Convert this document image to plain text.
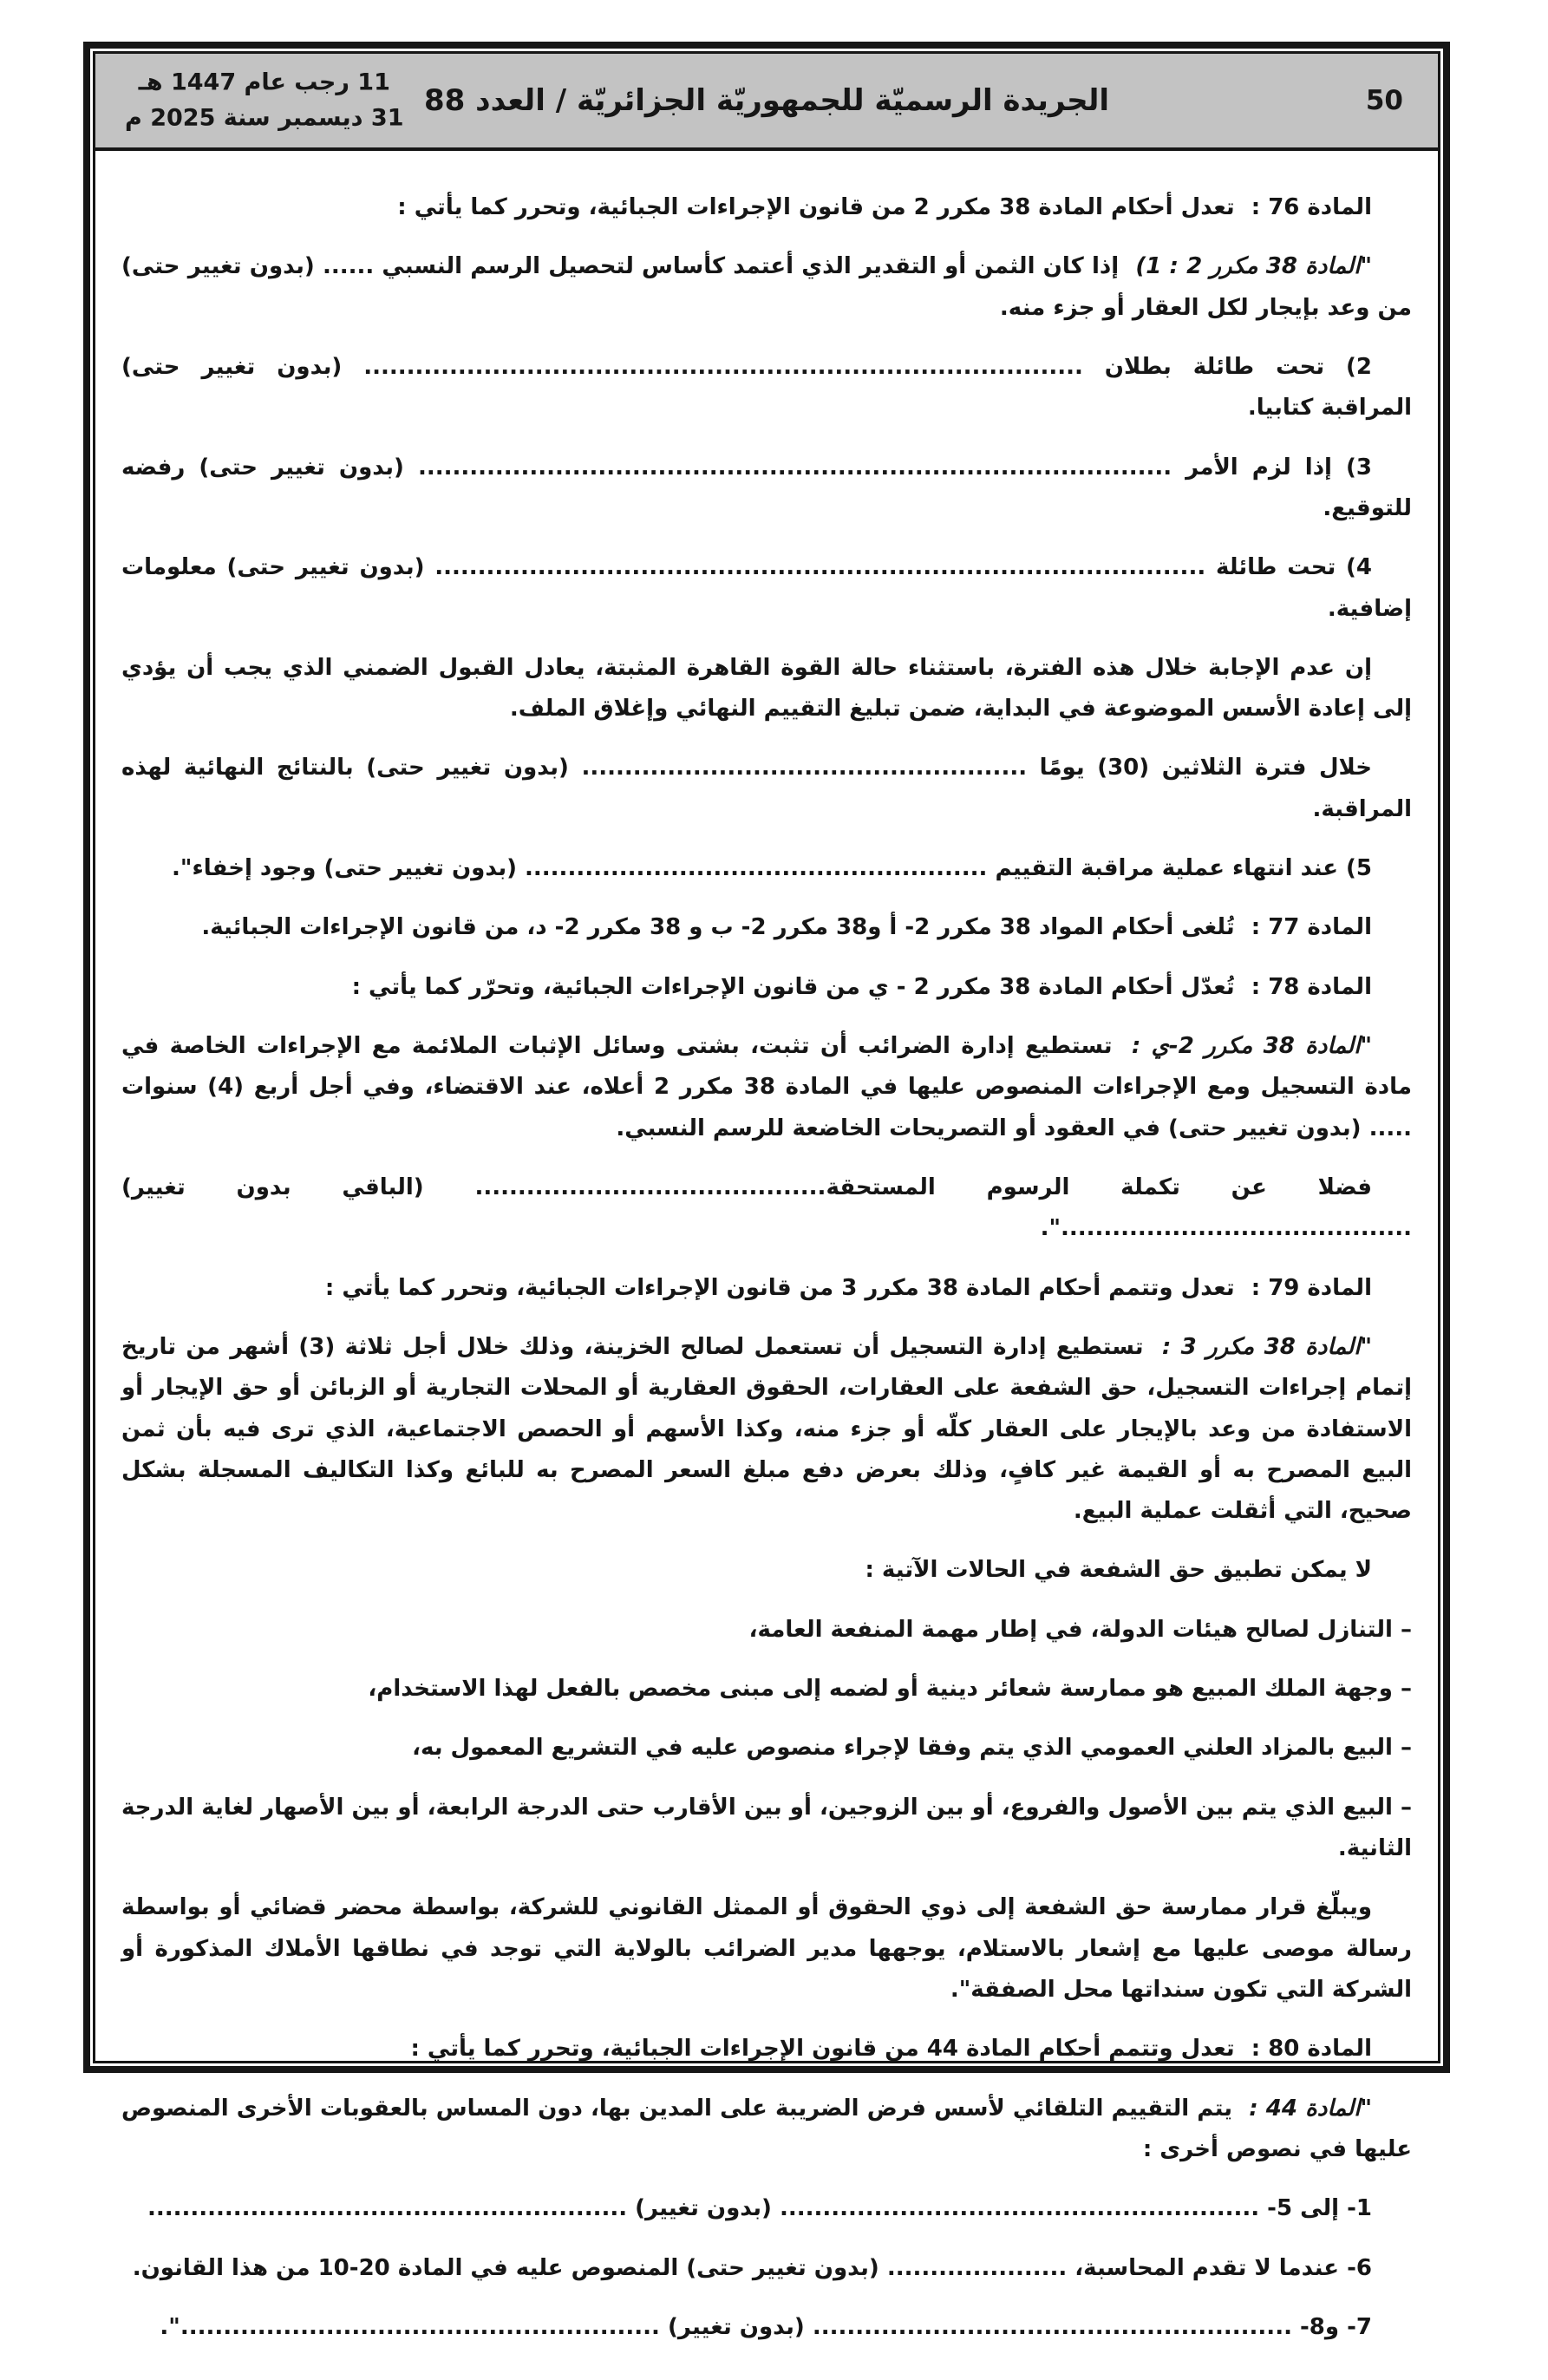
11 رجب عام 1447 هـ
31 ديسمبر سنة 2025 م الجريدة الرسميّة للجمهوريّة الجزائريّة / العدد 88	50

المادة 76 : تعدل أحكام المادة 38 مكرر 2 من قانون الإجراءات الجبائية، وتحرر كما يأتي :

"المادة 38 مكرر 2 : 1) إذا كان الثمن أو التقدير الذي أعتمد كأساس لتحصيل الرسم النسبي ...... (بدون تغيير حتى) من وعد بإيجار لكل العقار أو جزء منه.

2) تحت طائلة بطلان .................................................................................... (بدون تغيير حتى) المراقبة كتابيا.

3) إذا لزم الأمر ........................................................................................ (بدون تغيير حتى) رفضه للتوقيع.

4) تحت طائلة .......................................................................................... (بدون تغيير حتى) معلومات إضافية.

إن عدم الإجابة خلال هذه الفترة، باستثناء حالة القوة القاهرة المثبتة، يعادل القبول الضمني الذي يجب أن يؤدي إلى إعادة الأسس الموضوعة في البداية، ضمن تبليغ التقييم النهائي وإغلاق الملف.

خلال فترة الثلاثين (30) يومًا .................................................... (بدون تغيير حتى) بالنتائج النهائية لهذه المراقبة.

5) عند انتهاء عملية مراقبة التقييم ...................................................... (بدون تغيير حتى) وجود إخفاء".

المادة 77 : تُلغى أحكام المواد 38 مكرر 2- أ و38 مكرر 2- ب و 38 مكرر 2- د، من قانون الإجراءات الجبائية.

المادة 78 : تُعدّل أحكام المادة 38 مكرر 2 - ي من قانون الإجراءات الجبائية، وتحرّر كما يأتي :

"المادة 38 مكرر 2-ي : تستطيع إدارة الضرائب أن تثبت، بشتى وسائل الإثبات الملائمة مع الإجراءات الخاصة في مادة التسجيل ومع الإجراءات المنصوص عليها في المادة 38 مكرر 2 أعلاه، عند الاقتضاء، وفي أجل أربع (4) سنوات ..... (بدون تغيير حتى) في العقود أو التصريحات الخاضعة للرسم النسبي.

فضلا عن تكملة الرسوم المستحقة......................................... (الباقي بدون تغيير) .........................................".

المادة 79 : تعدل وتتمم أحكام المادة 38 مكرر 3 من قانون الإجراءات الجبائية، وتحرر كما يأتي :

"المادة 38 مكرر 3 : تستطيع إدارة التسجيل أن تستعمل لصالح الخزينة، وذلك خلال أجل ثلاثة (3) أشهر من تاريخ إتمام إجراءات التسجيل، حق الشفعة على العقارات، الحقوق العقارية أو المحلات التجارية أو الزبائن أو حق الإيجار أو الاستفادة من وعد بالإيجار على العقار كلّه أو جزء منه، وكذا الأسهم أو الحصص الاجتماعية، الذي ترى فيه بأن ثمن البيع المصرح به أو القيمة غير كافٍ، وذلك بعرض دفع مبلغ السعر المصرح به للبائع وكذا التكاليف المسجلة بشكل صحيح، التي أثقلت عملية البيع.

لا يمكن تطبيق حق الشفعة في الحالات الآتية :

– التنازل لصالح هيئات الدولة، في إطار مهمة المنفعة العامة،

– وجهة الملك المبيع هو ممارسة شعائر دينية أو لضمه إلى مبنى مخصص بالفعل لهذا الاستخدام،

– البيع بالمزاد العلني العمومي الذي يتم وفقا لإجراء منصوص عليه في التشريع المعمول به،

– البيع الذي يتم بين الأصول والفروع، أو بين الزوجين، أو بين الأقارب حتى الدرجة الرابعة، أو بين الأصهار لغاية الدرجة الثانية.

ويبلّغ قرار ممارسة حق الشفعة إلى ذوي الحقوق أو الممثل القانوني للشركة، بواسطة محضر قضائي أو بواسطة رسالة موصى عليها مع إشعار بالاستلام، يوجهها مدير الضرائب بالولاية التي توجد في نطاقها الأملاك المذكورة أو الشركة التي تكون سنداتها محل الصفقة".

المادة 80 : تعدل وتتمم أحكام المادة 44 من قانون الإجراءات الجبائية، وتحرر كما يأتي :

"المادة 44 : يتم التقييم التلقائي لأسس فرض الضريبة على المدين بها، دون المساس بالعقوبات الأخرى المنصوص عليها في نصوص أخرى :

1- إلى 5- ........................................................ (بدون تغيير) ........................................................

6- عندما لا تقدم المحاسبة، ..................... (بدون تغيير حتى) المنصوص عليه في المادة 20-10 من هذا القانون.

7- و8- ........................................................ (بدون تغيير) ........................................................".
